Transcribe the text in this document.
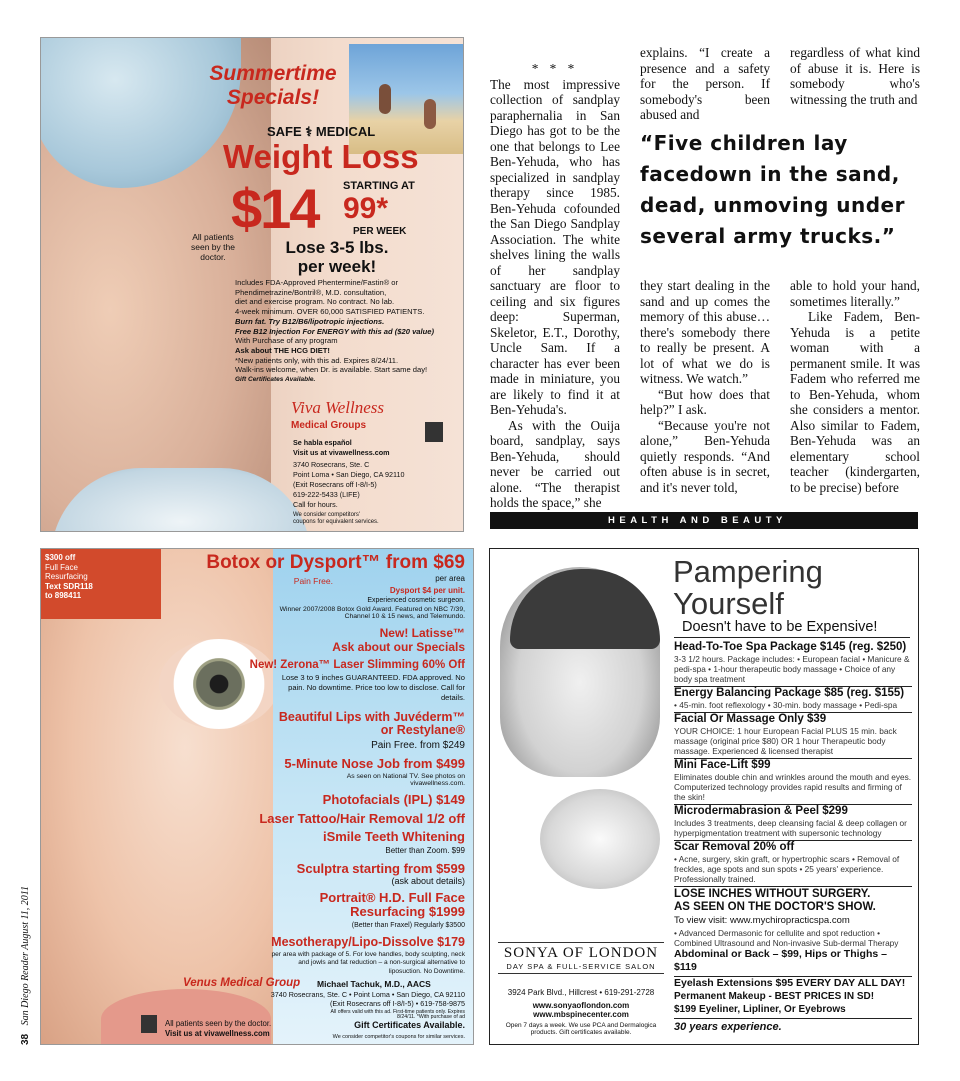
Summertime
Specials!
SAFE ⚕ MEDICAL
Weight Loss
STARTING AT
$14 99*
PER WEEK
All patients seen by the doctor.	Lose 3-5 lbs.
per week!
Includes FDA-Approved Phentermine/Fastin® or
Phendimetrazine/Bontril®, M.D. consultation,
diet and exercise program. No contract. No lab.
4-week minimum. OVER 60,000 SATISFIED PATIENTS.
Burn fat. Try B12/B6/lipotropic injections.
Free B12 Injection For ENERGY with this ad ($20 value)
With Purchase of any program
Ask about THE HCG DIET!
*New patients only, with this ad. Expires 8/24/11.
Walk-ins welcome, when Dr. is available. Start same day!
Gift Certificates Available.
Viva Wellness
Medical Groups
Se habla español
Visit us at vivawellness.com
3740 Rosecrans, Ste. C
Point Loma • San Diego, CA 92110
(Exit Rosecrans off I-8/I-5)
619-222-5433 (LIFE)
Call for hours.
We consider competitors'
coupons for equivalent services.

* * *

The most impressive collection of sandplay paraphernalia in San Diego has got to be the one that belongs to Lee Ben-Yehuda, who has specialized in sandplay therapy since 1985. Ben-Yehuda cofounded the San Diego Sandplay Association. The white shelves lining the walls of her sandplay sanctuary are floor to ceiling and six figures deep: Superman, Skeletor, E.T., Dorothy, Uncle Sam. If a character has ever been made in miniature, you are likely to find it at Ben-Yehuda's.

As with the Ouija board, sandplay, says Ben-Yehuda, should never be carried out alone. “The therapist holds the space,” she

explains. “I create a presence and a safety for the person. If somebody's been abused and

regardless of what kind of abuse it is. Here is somebody who's witnessing the truth and

“Five children lay facedown in the sand, dead, unmoving under several army trucks.”

they start dealing in the sand and up comes the memory of this abuse… there's somebody there to really be present. A lot of what we do is witness. We watch.”

“But how does that help?” I ask.

“Because you're not alone,” Ben-Yehuda quietly responds. “And often abuse is in secret, and it's never told,

able to hold your hand, sometimes literally.”

Like Fadem, Ben-Yehuda is a petite woman with a permanent smile. It was Fadem who referred me to Ben-Yehuda, whom she considers a mentor. Also similar to Fadem, Ben-Yehuda was an elementary school teacher (kindergarten, to be precise) before

HEALTH AND BEAUTY
$300 off
Full Face
Resurfacing
Text SDR118
to 898411
Botox or Dysport™ from $69
per area
Pain Free.
Dysport $4 per unit.
Experienced cosmetic surgeon.
Winner 2007/2008 Botox Gold Award. Featured on NBC 7/39, Channel 10 & 15 news, and Telemundo.
New! Latisse™
Ask about our Specials
New! Zerona™ Laser Slimming 60% Off
Lose 3 to 9 inches GUARANTEED. FDA approved. No pain. No downtime. Price too low to disclose. Call for details.
Beautiful Lips with Juvéderm™ or Restylane®
Pain Free. from $249
5-Minute Nose Job from $499
As seen on National TV. See photos on vivawellness.com.
Photofacials (IPL) $149
Laser Tattoo/Hair Removal 1/2 off
iSmile Teeth Whitening
Better than Zoom. $99
Sculptra starting from $599
(ask about details)
Portrait® H.D. Full Face Resurfacing $1999
(Better than Fraxel) Regularly $3500
Mesotherapy/Lipo-Dissolve $179
per area with package of 5. For love handles, body sculpting, neck and jowls and fat reduction – a non-surgical alternative to liposuction. No Downtime.
Venus Medical Group Michael Tachuk, M.D., AACS
3740 Rosecrans, Ste. C • Point Loma • San Diego, CA 92110
(Exit Rosecrans off I-8/I-5) • 619-758-9875
All offers valid with this ad. First-time patients only. Expires 8/24/11. *With purchase of ad
All patients seen by the doctor.
Visit us at vivawellness.com
Gift Certificates Available.
We consider competitor's coupons for similar services.
Pampering
Yourself
Doesn't have to be Expensive!
Head-To-Toe Spa Package $145 (reg. $250)
3-3 1/2 hours. Package includes: • European facial • Manicure & pedi-spa • 1-hour therapeutic body massage • Choice of any body spa treatment
Energy Balancing Package $85 (reg. $155)
• 45-min. foot reflexology • 30-min. body massage • Pedi-spa
Facial Or Massage Only $39
YOUR CHOICE: 1 hour European Facial PLUS 15 min. back massage (original price $80) OR 1 hour Therapeutic body massage. Experienced & licensed therapist
Mini Face-Lift $99
Eliminates double chin and wrinkles around the mouth and eyes. Computerized technology provides rapid results and firming of the skin!
Microdermabrasion & Peel $299
Includes 3 treatments, deep cleansing facial & deep collagen or hyperpigmentation treatment with supersonic technology
Scar Removal 20% off
• Acne, surgery, skin graft, or hypertrophic scars • Removal of freckles, age spots and sun spots • 25 years' experience. Professionally trained.
LOSE INCHES WITHOUT SURGERY.
AS SEEN ON THE DOCTOR'S SHOW.
To view visit: www.mychiropracticspa.com
• Advanced Dermasonic for cellulite and spot reduction • Combined Ultrasound and Non-invasive Sub-dermal Therapy
Abdominal or Back – $99, Hips or Thighs – $119
Eyelash Extensions $95 EVERY DAY ALL DAY!
Permanent Makeup - BEST PRICES IN SD!
$199 Eyeliner, Lipliner, Or Eyebrows
30 years experience.
SONYA OF LONDON
DAY SPA & FULL-SERVICE SALON
3924 Park Blvd., Hillcrest • 619-291-2728
www.sonyaoflondon.com
www.mbspinecenter.com
Open 7 days a week. We use PCA and Dermalogica products. Gift certificates available.
38 San Diego Reader August 11, 2011
